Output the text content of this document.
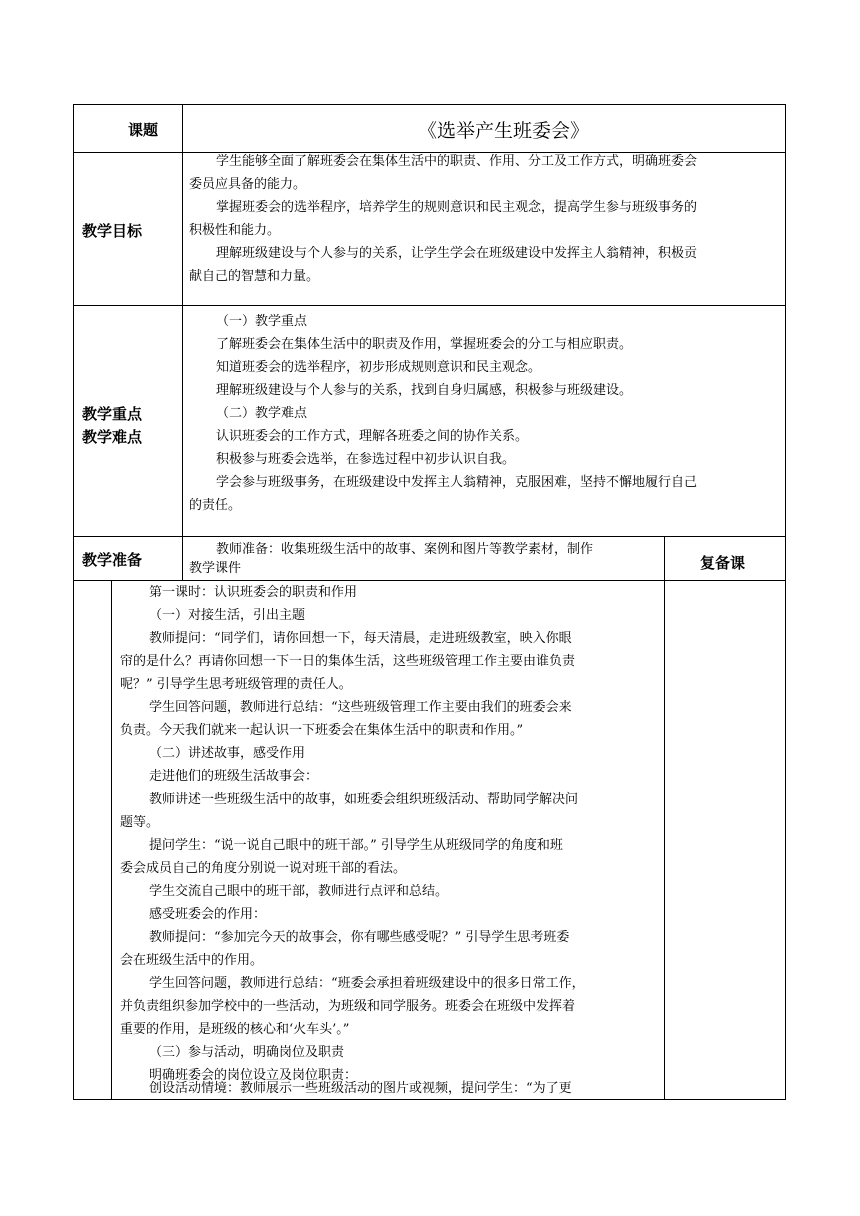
课题	《选举产生班委会》
教学目标
学生能够全面了解班委会在集体生活中的职责、作用、分工及工作方式，明确班委会
委员应具备的能力。
掌握班委会的选举程序，培养学生的规则意识和民主观念，提高学生参与班级事务的
积极性和能力。
理解班级建设与个人参与的关系，让学生学会在班级建设中发挥主人翁精神，积极贡
献自己的智慧和力量。
教学重点
教学难点
（一）教学重点
了解班委会在集体生活中的职责及作用，掌握班委会的分工与相应职责。
知道班委会的选举程序，初步形成规则意识和民主观念。
理解班级建设与个人参与的关系，找到自身归属感，积极参与班级建设。
（二）教学难点
认识班委会的工作方式，理解各班委之间的协作关系。
积极参与班委会选举，在参选过程中初步认识自我。
学会参与班级事务，在班级建设中发挥主人翁精神，克服困难，坚持不懈地履行自己
的责任。
教学准备
教师准备：收集班级生活中的故事、案例和图片等教学素材，制作
教学课件	复备课
第一课时：认识班委会的职责和作用
（一）对接生活，引出主题
教师提问：“同学们，请你回想一下，每天清晨，走进班级教室，映入你眼
帘的是什么？再请你回想一下一日的集体生活，这些班级管理工作主要由谁负责
呢？” 引导学生思考班级管理的责任人。
学生回答问题，教师进行总结：“这些班级管理工作主要由我们的班委会来
负责。今天我们就来一起认识一下班委会在集体生活中的职责和作用。”
（二）讲述故事，感受作用
走进他们的班级生活故事会：
教师讲述一些班级生活中的故事，如班委会组织班级活动、帮助同学解决问
题等。
提问学生：“说一说自己眼中的班干部。” 引导学生从班级同学的角度和班
委会成员自己的角度分别说一说对班干部的看法。
学生交流自己眼中的班干部，教师进行点评和总结。
感受班委会的作用：
教师提问：“参加完今天的故事会，你有哪些感受呢？” 引导学生思考班委
会在班级生活中的作用。
学生回答问题，教师进行总结：“班委会承担着班级建设中的很多日常工作，
并负责组织参加学校中的一些活动，为班级和同学服务。班委会在班级中发挥着
重要的作用，是班级的核心和‘火车头’。”
（三）参与活动，明确岗位及职责
明确班委会的岗位设立及岗位职责：
创设活动情境：教师展示一些班级活动的图片或视频，提问学生：“为了更
